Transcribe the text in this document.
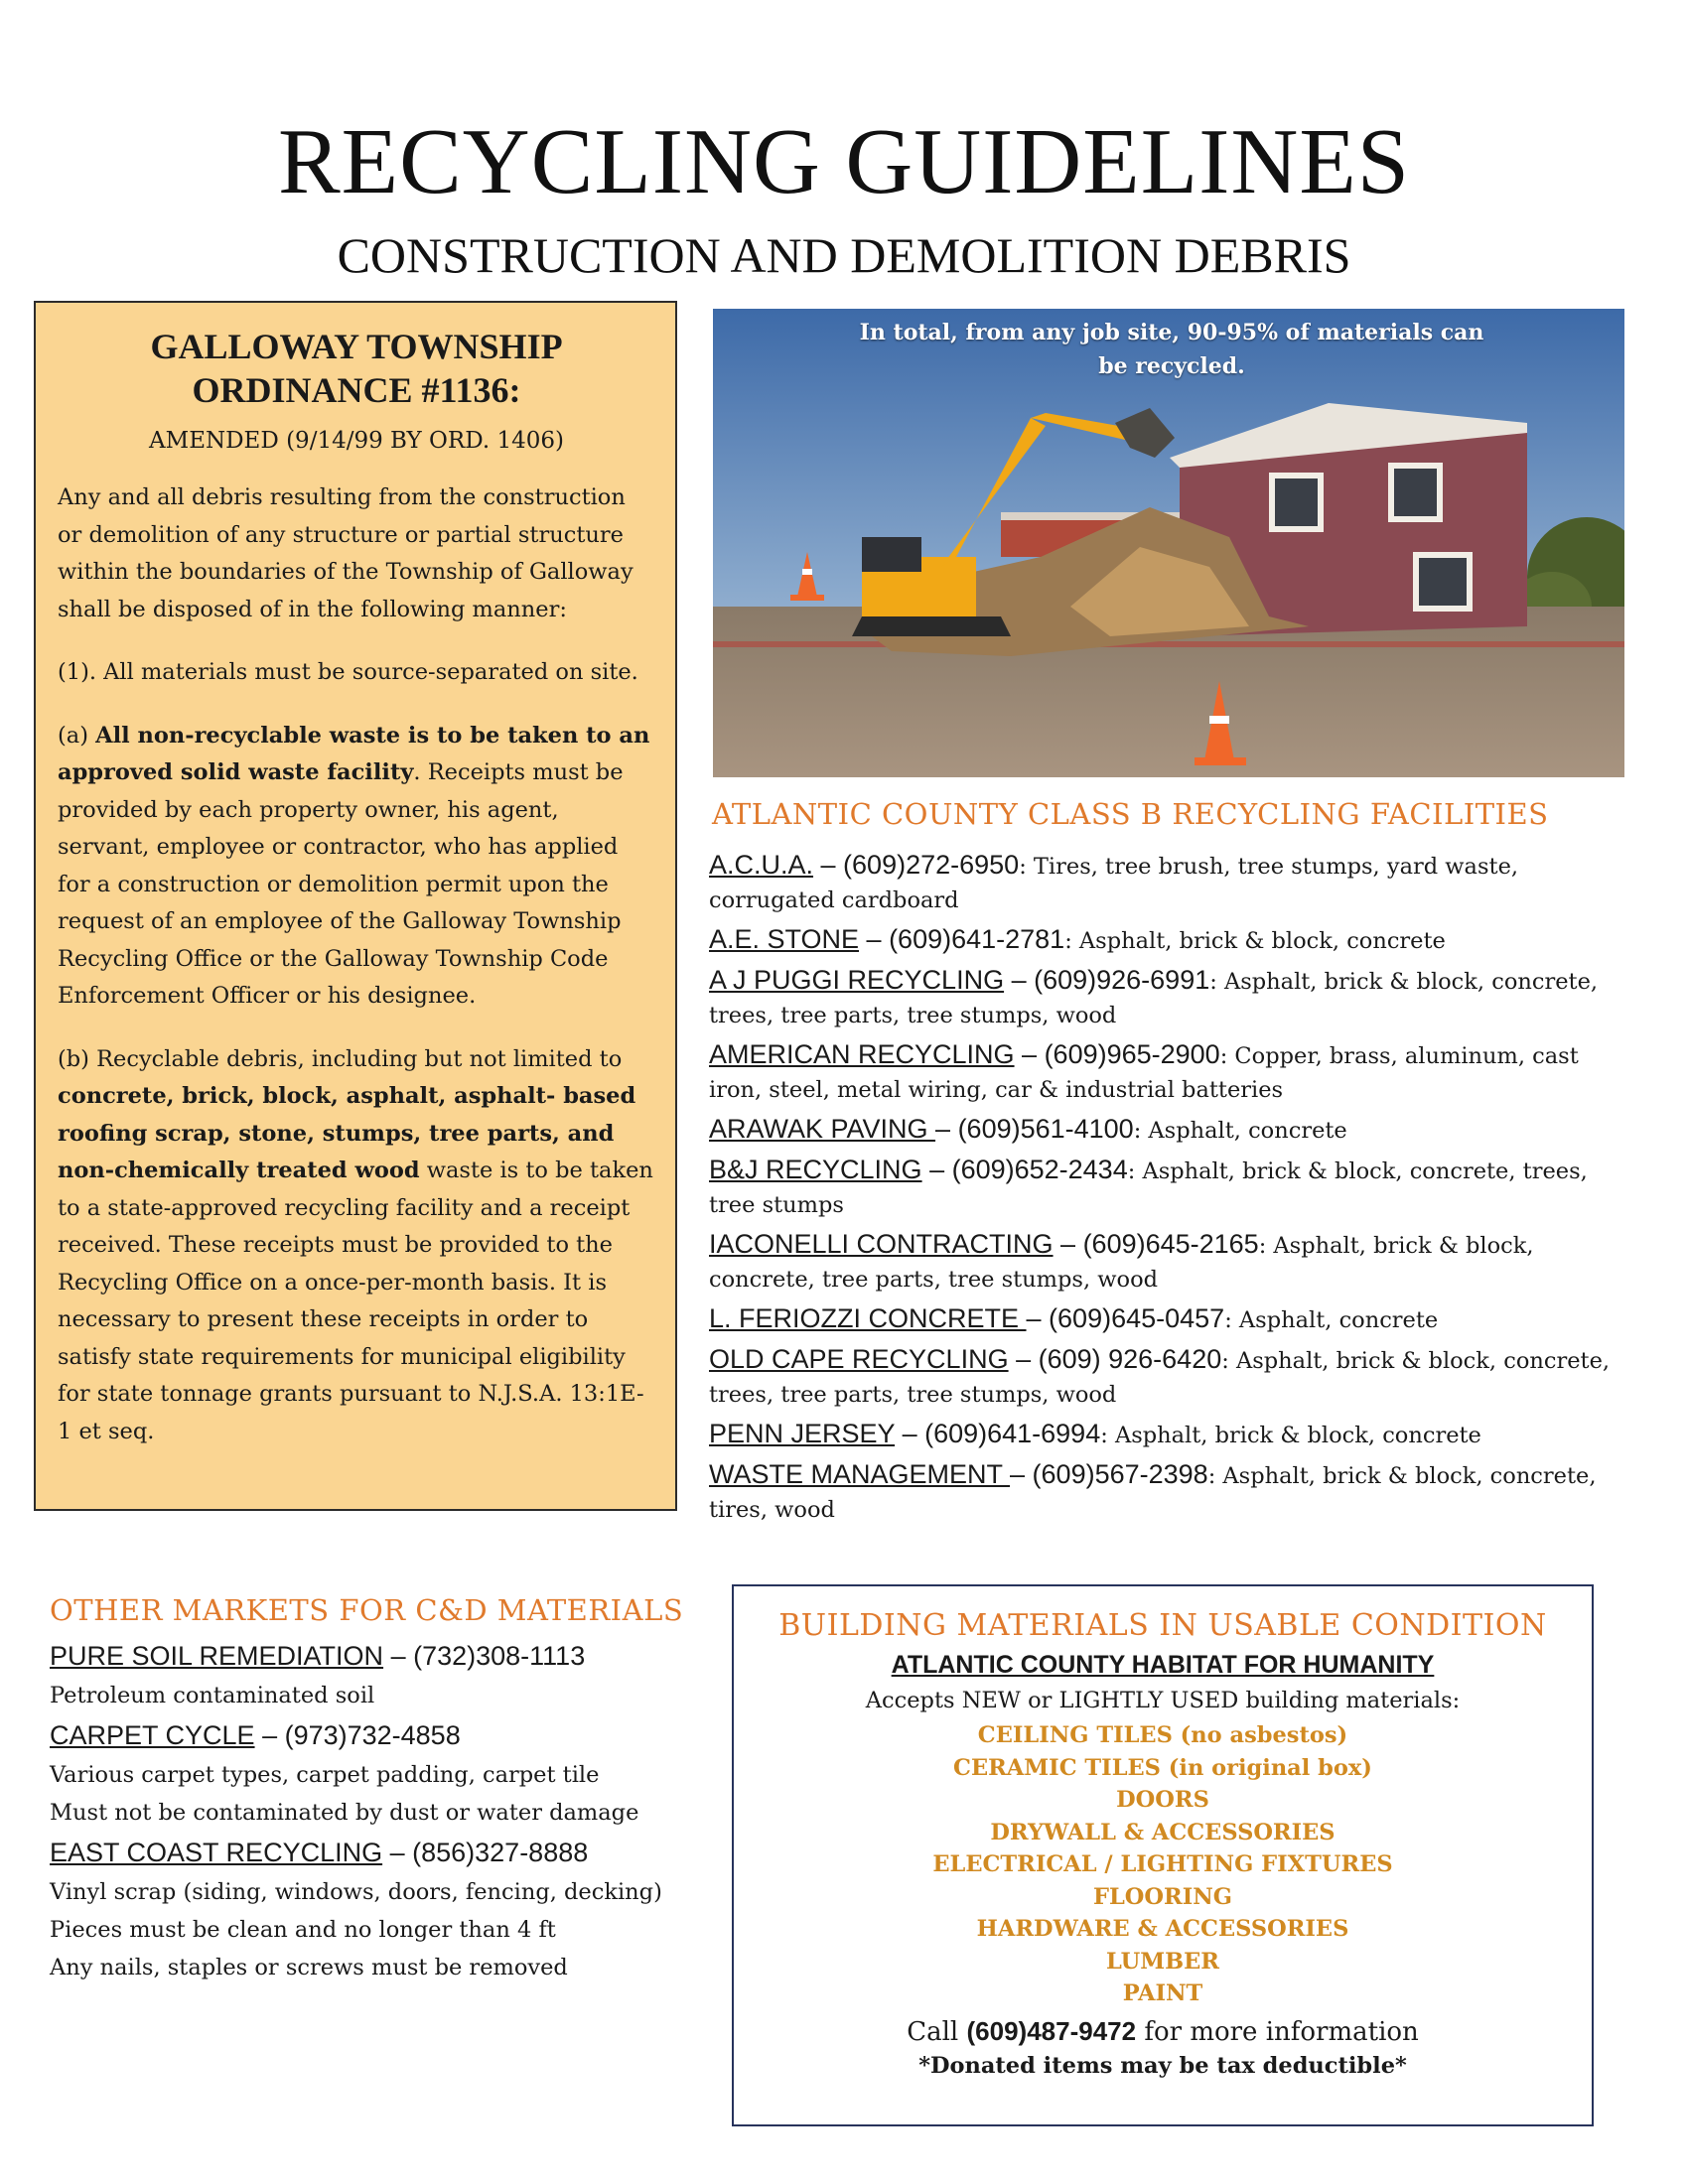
RECYCLING GUIDELINES
CONSTRUCTION AND DEMOLITION DEBRIS

GALLOWAY TOWNSHIP
ORDINANCE #1136:

AMENDED (9/14/99 BY ORD. 1406)

Any and all debris resulting from the construction or demolition of any structure or partial structure within the boundaries of the Township of Galloway shall be disposed of in the following manner:

(1). All materials must be source-separated on site.

(a) All non-recyclable waste is to be taken to an approved solid waste facility. Receipts must be provided by each property owner, his agent, servant, employee or contractor, who has applied for a construction or demolition permit upon the request of an employee of the Galloway Township Recycling Office or the Galloway Township Code Enforcement Officer or his designee.

(b) Recyclable debris, including but not limited to concrete, brick, block, asphalt, asphalt- based roofing scrap, stone, stumps, tree parts, and non-chemically treated wood waste is to be taken to a state-approved recycling facility and a receipt received. These receipts must be provided to the Recycling Office on a once-per-month basis. It is necessary to present these receipts in order to satisfy state requirements for municipal eligibility for state tonnage grants pursuant to N.J.S.A. 13:1E-1 et seq.

In total, from any job site, 90-95% of materials can be recycled.
ATLANTIC COUNTY CLASS B RECYCLING FACILITIES
A.C.U.A. – (609)272-6950: Tires, tree brush, tree stumps, yard waste, corrugated cardboard
A.E. STONE – (609)641-2781: Asphalt, brick & block, concrete
A J PUGGI RECYCLING – (609)926-6991: Asphalt, brick & block, concrete, trees, tree parts, tree stumps, wood
AMERICAN RECYCLING – (609)965-2900: Copper, brass, aluminum, cast iron, steel, metal wiring, car & industrial batteries
ARAWAK PAVING – (609)561-4100: Asphalt, concrete
B&J RECYCLING – (609)652-2434: Asphalt, brick & block, concrete, trees, tree stumps
IACONELLI CONTRACTING – (609)645-2165: Asphalt, brick & block, concrete, tree parts, tree stumps, wood
L. FERIOZZI CONCRETE – (609)645-0457: Asphalt, concrete
OLD CAPE RECYCLING – (609) 926-6420: Asphalt, brick & block, concrete, trees, tree parts, tree stumps, wood
PENN JERSEY – (609)641-6994: Asphalt, brick & block, concrete
WASTE MANAGEMENT – (609)567-2398: Asphalt, brick & block, concrete, tires, wood
OTHER MARKETS FOR C&D MATERIALS
PURE SOIL REMEDIATION – (732)308-1113
Petroleum contaminated soil
CARPET CYCLE – (973)732-4858
Various carpet types, carpet padding, carpet tile
Must not be contaminated by dust or water damage
EAST COAST RECYCLING – (856)327-8888
Vinyl scrap (siding, windows, doors, fencing, decking)
Pieces must be clean and no longer than 4 ft
Any nails, staples or screws must be removed
BUILDING MATERIALS IN USABLE CONDITION
ATLANTIC COUNTY HABITAT FOR HUMANITY
Accepts NEW or LIGHTLY USED building materials:
CEILING TILES (no asbestos)
CERAMIC TILES (in original box)
DOORS
DRYWALL & ACCESSORIES
ELECTRICAL / LIGHTING FIXTURES
FLOORING
HARDWARE & ACCESSORIES
LUMBER
PAINT
Call (609)487-9472 for more information
*Donated items may be tax deductible*
